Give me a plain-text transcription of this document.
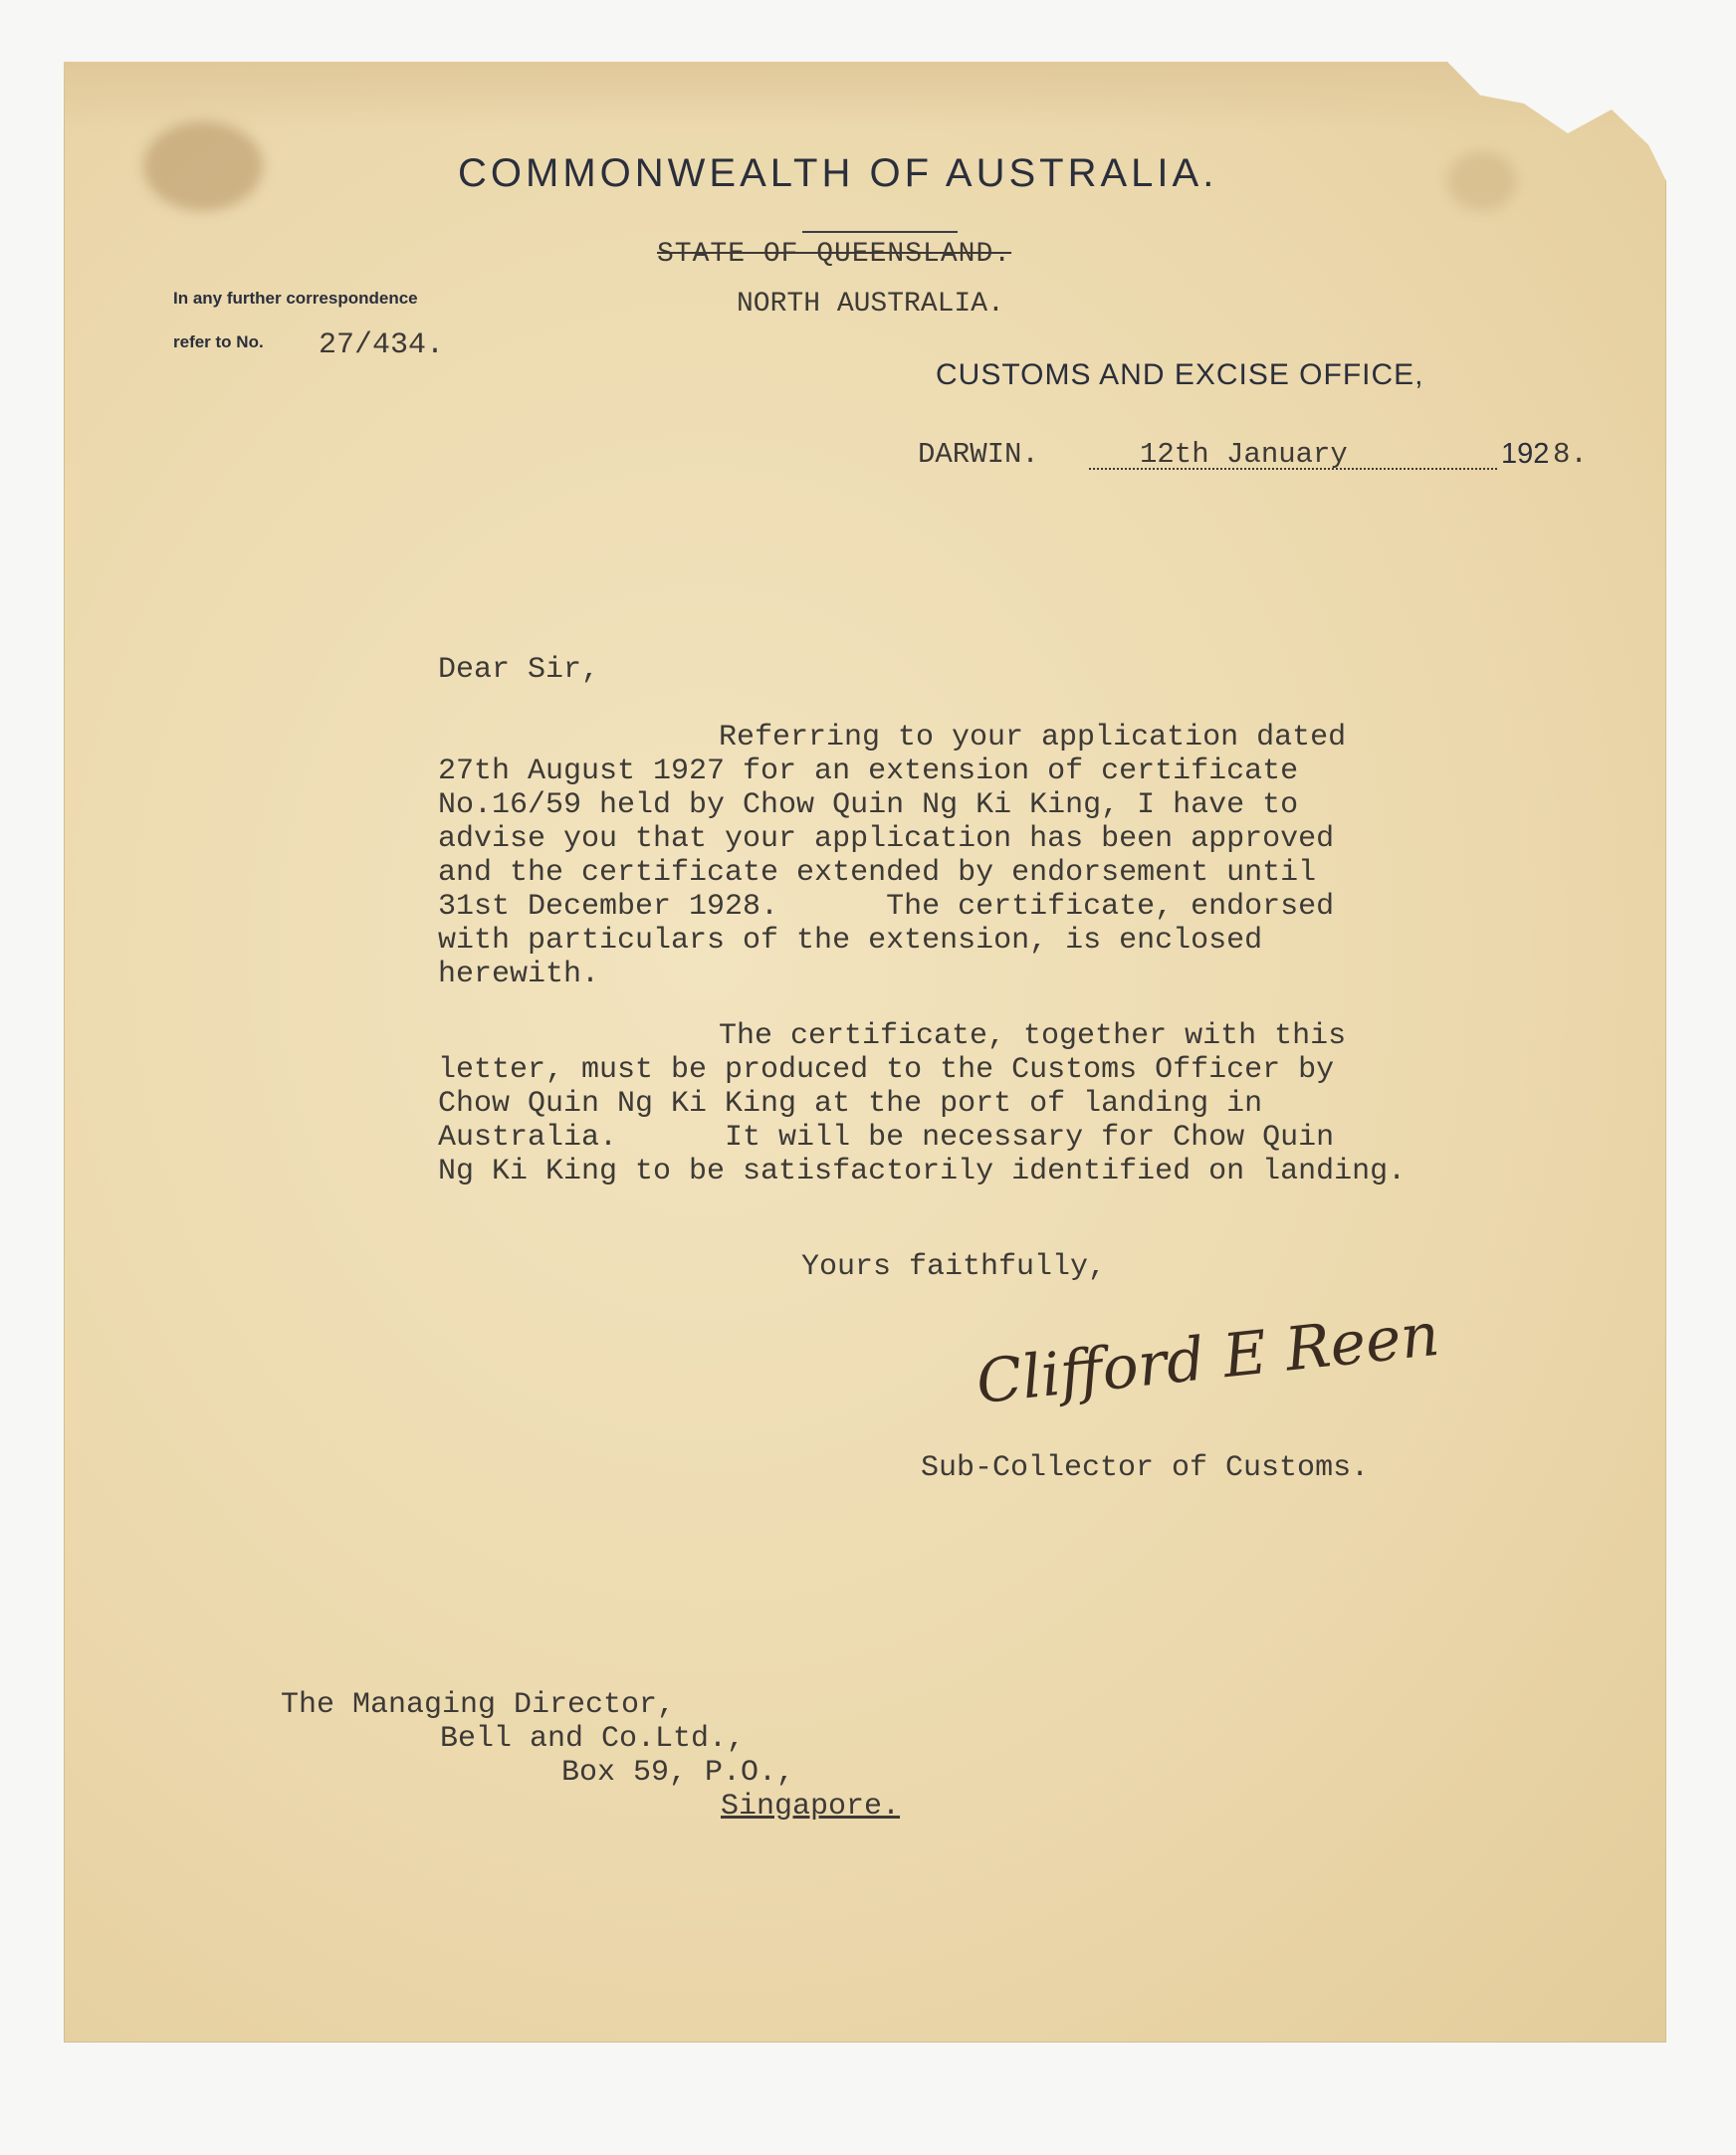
COMMONWEALTH OF AUSTRALIA.
STATE OF QUEENSLAND.
NORTH AUSTRALIA.
CUSTOMS AND EXCISE OFFICE,
In any further correspondence
refer to No. 27/434.
DARWIN.	12th January	192 8.
Dear Sir,
Referring to your application dated
27th August 1927 for an extension of certificate
No.16/59 held by Chow Quin Ng Ki King, I have to
advise you that your application has been approved
and the certificate extended by endorsement until
31st December 1928.      The certificate, endorsed
with particulars of the extension, is enclosed
herewith.
The certificate, together with this
letter, must be produced to the Customs Officer by
Chow Quin Ng Ki King at the port of landing in
Australia.      It will be necessary for Chow Quin
Ng Ki King to be satisfactorily identified on landing.
Yours faithfully,
Clifford E Reen
Sub-Collector of Customs.
The Managing Director,
Bell and Co.Ltd.,
Box 59, P.O.,
Singapore.
